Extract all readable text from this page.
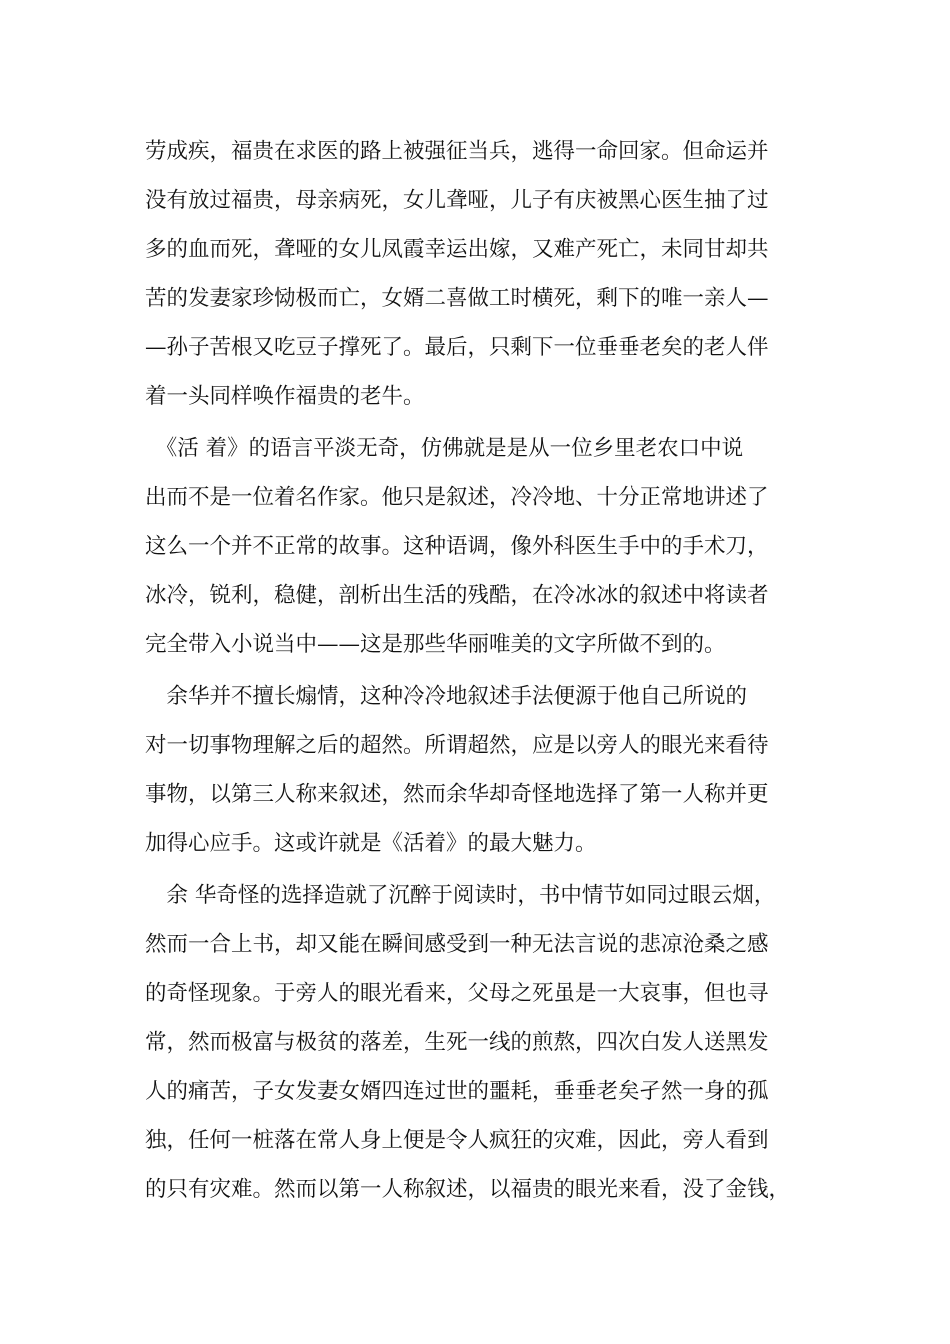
劳成疾，福贵在求医的路上被强征当兵，逃得一命回家。但命运并
没有放过福贵，母亲病死，女儿聋哑，儿子有庆被黑心医生抽了过
多的血而死，聋哑的女儿凤霞幸运出嫁，又难产死亡，未同甘却共
苦的发妻家珍恸极而亡，女婿二喜做工时横死，剩下的唯一亲人—
—孙子苦根又吃豆子撑死了。最后，只剩下一位垂垂老矣的老人伴
着一头同样唤作福贵的老牛。
　《活 着》的语言平淡无奇，仿佛就是是从一位乡里老农口中说
出而不是一位着名作家。他只是叙述，冷冷地、十分正常地讲述了
这么一个并不正常的故事。这种语调，像外科医生手中的手术刀，
冰冷，锐利，稳健，剖析出生活的残酷，在冷冰冰的叙述中将读者
完全带入小说当中——这是那些华丽唯美的文字所做不到的。
　余华并不擅长煽情，这种冷冷地叙述手法便源于他自己所说的
对一切事物理解之后的超然。所谓超然，应是以旁人的眼光来看待
事物，以第三人称来叙述，然而余华却奇怪地选择了第一人称并更
加得心应手。这或许就是《活着》的最大魅力。
　余 华奇怪的选择造就了沉醉于阅读时，书中情节如同过眼云烟，
然而一合上书，却又能在瞬间感受到一种无法言说的悲凉沧桑之感
的奇怪现象。于旁人的眼光看来，父母之死虽是一大哀事，但也寻
常，然而极富与极贫的落差，生死一线的煎熬，四次白发人送黑发
人的痛苦，子女发妻女婿四连过世的噩耗，垂垂老矣孑然一身的孤
独，任何一桩落在常人身上便是令人疯狂的灾难，因此，旁人看到
的只有灾难。然而以第一人称叙述，以福贵的眼光来看，没了金钱，
